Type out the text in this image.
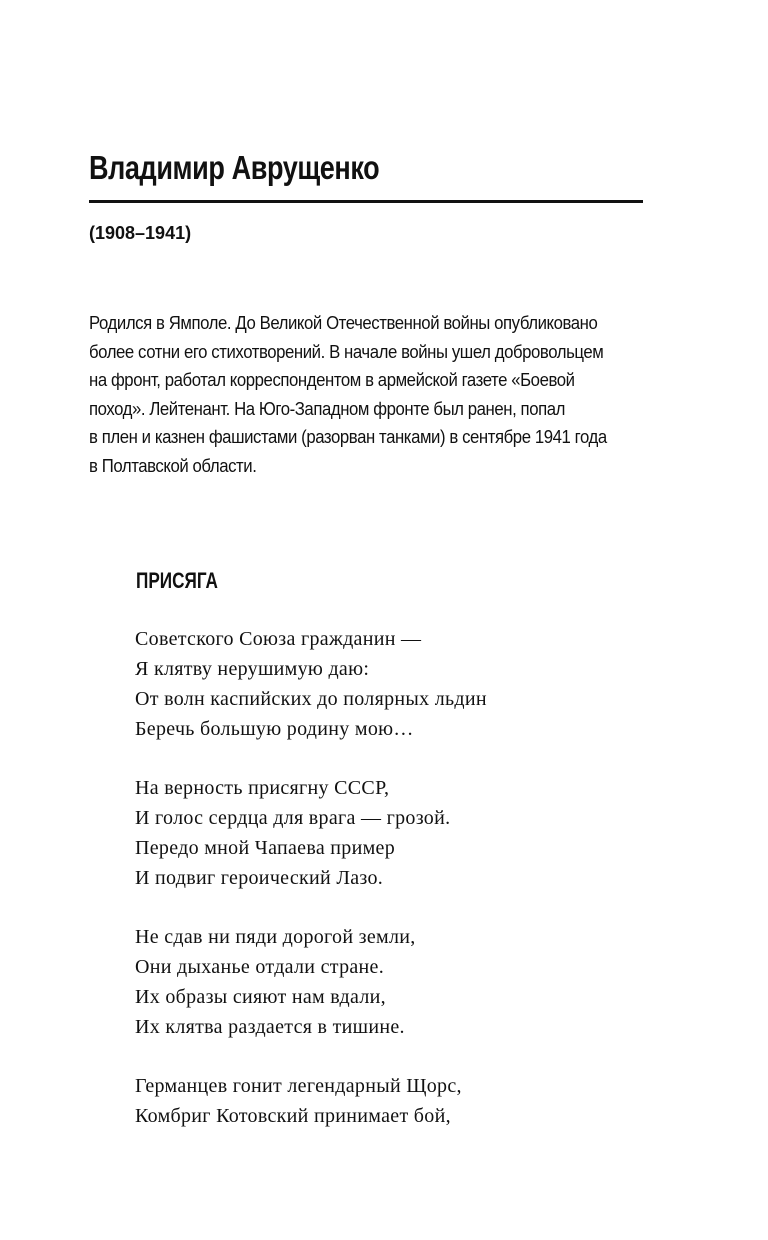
Владимир Аврущенко

(1908–1941)

Родился в Ямполе. До Великой Отечественной войны опубликовано
более сотни его стихотворений. В начале войны ушел добровольцем
на фронт, работал корреспондентом в армейской газете «Боевой
поход». Лейтенант. На Юго-Западном фронте был ранен, попал
в плен и казнен фашистами (разорван танками) в сентябре 1941 года
в Полтавской области.

ПРИСЯГА

Советского Союза гражданин —
Я клятву нерушимую даю:
От волн каспийских до полярных льдин
Беречь большую родину мою…

На верность присягну СССР,
И голос сердца для врага — грозой.
Передо мной Чапаева пример
И подвиг героический Лазо.

Не сдав ни пяди дорогой земли,
Они дыханье отдали стране.
Их образы сияют нам вдали,
Их клятва раздается в тишине.

Германцев гонит легендарный Щорс,
Комбриг Котовский принимает бой,
